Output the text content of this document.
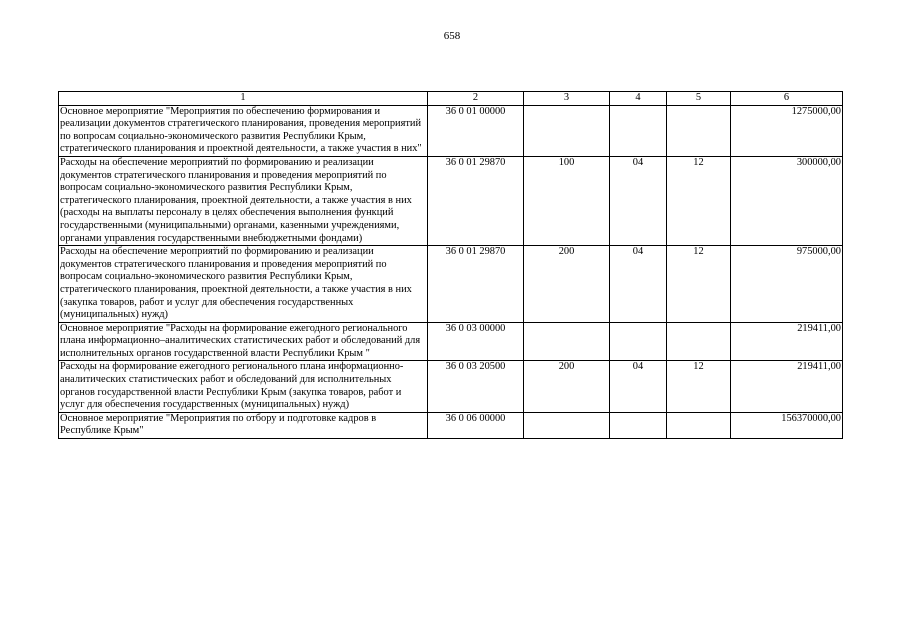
658
1	2	3	4	5	6
Основное мероприятие "Мероприятия по обеспечению формирования и реализации документов стратегического планирования, проведения мероприятий по вопросам социально-экономического развития Республики Крым, стратегического планирования и проектной деятельности, а также участия в них"	36 0 01 00000				1275000,00
Расходы на обеспечение мероприятий по формированию и реализации документов стратегического планирования и проведения мероприятий по вопросам социально-экономического развития Республики Крым, стратегического планирования, проектной деятельности, а также участия в них (расходы на выплаты персоналу в целях обеспечения выполнения функций государственными (муниципальными) органами, казенными учреждениями, органами управления государственными внебюджетными фондами)	36 0 01 29870	100	04	12	300000,00
Расходы на обеспечение мероприятий по формированию и реализации документов стратегического планирования и проведения мероприятий по вопросам социально-экономического развития Республики Крым, стратегического планирования, проектной деятельности, а также участия в них (закупка товаров, работ и услуг для обеспечения государственных (муниципальных) нужд)	36 0 01 29870	200	04	12	975000,00
Основное мероприятие "Расходы на формирование ежегодного регионального плана информационно–аналитических статистических работ и обследований для исполнительных органов государственной власти Республики Крым "	36 0 03 00000				219411,00
Расходы на формирование ежегодного регионального плана информационно-аналитических статистических работ и обследований для исполнительных органов государственной власти Республики Крым (закупка товаров, работ и услуг для обеспечения государственных (муниципальных) нужд)	36 0 03 20500	200	04	12	219411,00
Основное мероприятие "Мероприятия по отбору и подготовке кадров в Республике Крым"	36 0 06 00000				156370000,00
